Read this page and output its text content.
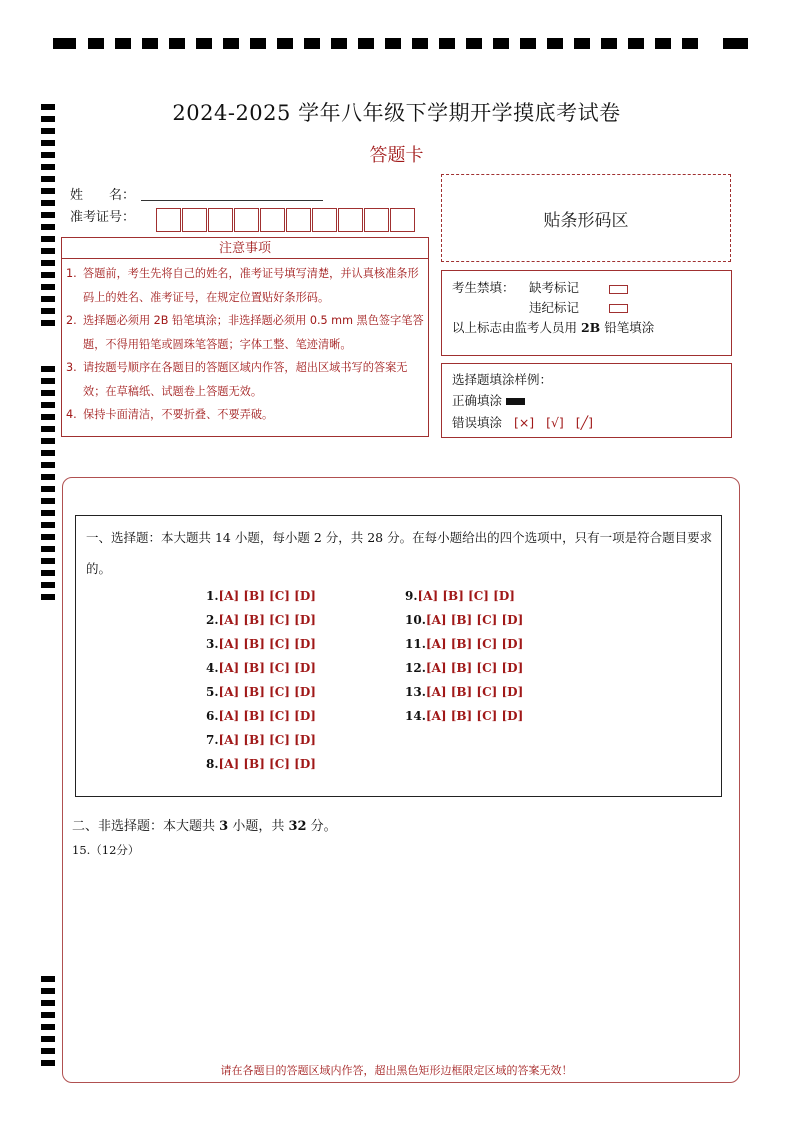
2024-2025 学年八年级下学期开学摸底考试卷
答题卡
姓　　名：
准考证号：	贴条形码区
注意事项
1. 答题前，考生先将自己的姓名，准考证号填写清楚，并认真核准条形码上的姓名、准考证号，在规定位置贴好条形码。
2. 选择题必须用 2B 铅笔填涂；非选择题必须用 0.5 mm 黑色签字笔答题，不得用铅笔或圆珠笔答题；字体工整、笔迹清晰。
3. 请按题号顺序在各题目的答题区域内作答，超出区域书写的答案无效；在草稿纸、试题卷上答题无效。
4. 保持卡面清洁，不要折叠、不要弄破。
考生禁填： 缺考标记
违纪标记
以上标志由监考人员用 2B 铅笔填涂
选择题填涂样例：
正确填涂
错误填涂 [×] [√] [╱]
一、选择题：本大题共 14 小题，每小题 2 分，共 28 分。在每小题给出的四个选项中，只有一项是符合题目要求的。
1.[A] [B] [C] [D]
2.[A] [B] [C] [D]
3.[A] [B] [C] [D]
4.[A] [B] [C] [D]
5.[A] [B] [C] [D]
6.[A] [B] [C] [D]
7.[A] [B] [C] [D]
8.[A] [B] [C] [D]
9.[A] [B] [C] [D]
10.[A] [B] [C] [D]
11.[A] [B] [C] [D]
12.[A] [B] [C] [D]
13.[A] [B] [C] [D]
14.[A] [B] [C] [D]
二、非选择题：本大题共 3 小题，共 32 分。
15.（12分）
请在各题目的答题区域内作答，超出黑色矩形边框限定区域的答案无效！
